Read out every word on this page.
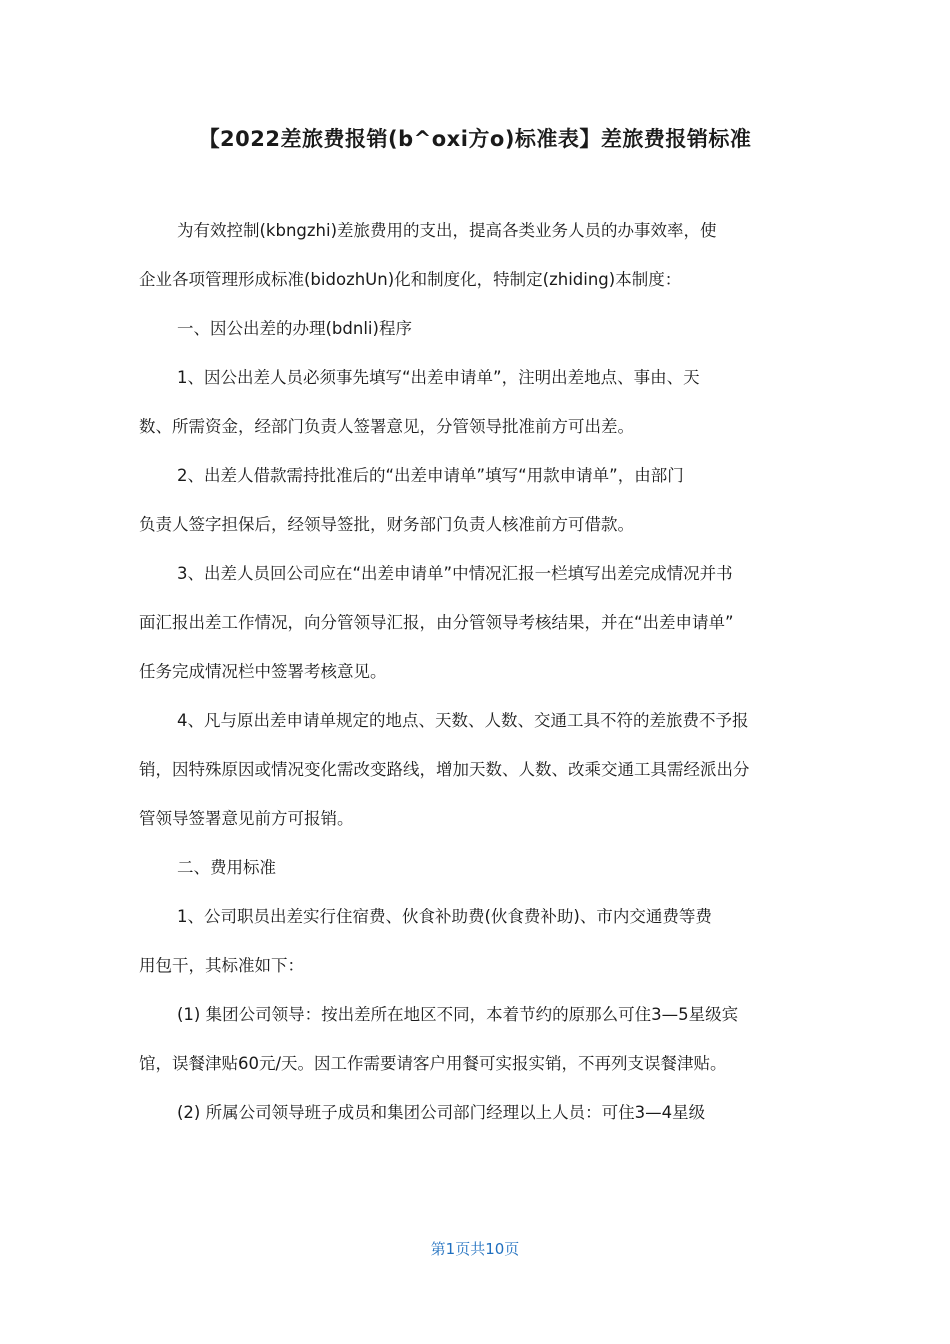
【2022差旅费报销(b^oxi方o)标准表】差旅费报销标准
为有效控制(kbngzhi)差旅费用的支出，提高各类业务人员的办事效率，使
企业各项管理形成标准(bidozhUn)化和制度化，特制定(zhiding)本制度：
一、因公出差的办理(bdnli)程序
1、因公出差人员必须事先填写“出差申请单”，注明出差地点、事由、天
数、所需资金，经部门负责人签署意见，分管领导批准前方可出差。
2、出差人借款需持批准后的“出差申请单”填写“用款申请单”，由部门
负责人签字担保后，经领导签批，财务部门负责人核准前方可借款。
3、出差人员回公司应在“出差申请单”中情况汇报一栏填写出差完成情况并书
面汇报出差工作情况，向分管领导汇报，由分管领导考核结果，并在“出差申请单”
任务完成情况栏中签署考核意见。
4、凡与原出差申请单规定的地点、天数、人数、交通工具不符的差旅费不予报
销，因特殊原因或情况变化需改变路线，增加天数、人数、改乘交通工具需经派出分
管领导签署意见前方可报销。
二、费用标准
1、公司职员出差实行住宿费、伙食补助费(伙食费补助)、市内交通费等费
用包干，其标准如下：
(1) 集团公司领导：按出差所在地区不同，本着节约的原那么可住3—5星级宾
馆，误餐津贴60元/天。因工作需要请客户用餐可实报实销，不再列支误餐津贴。
(2) 所属公司领导班子成员和集团公司部门经理以上人员：可住3—4星级
第1页共10页
